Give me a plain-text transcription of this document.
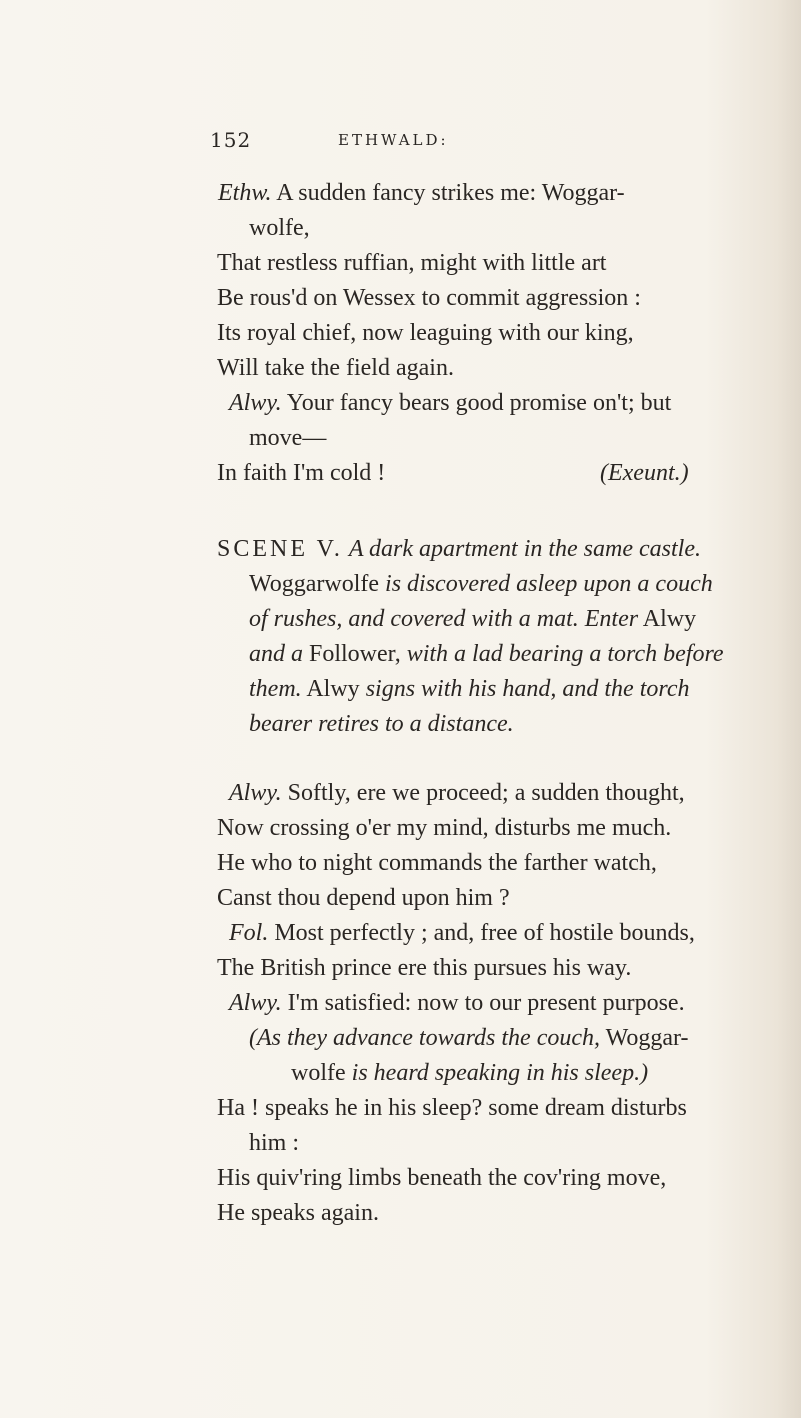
152	ETHWALD:
Ethw. A sudden fancy strikes me: Woggar-
wolfe,
That restless ruffian, might with little art
Be rous'd on Wessex to commit aggression :
Its royal chief, now leaguing with our king,
Will take the field again.
Alwy. Your fancy bears good promise on't; but
move—
In faith I'm cold !	(Exeunt.)
SCENE V. A dark apartment in the same castle.
Woggarwolfe is discovered asleep upon a couch
of rushes, and covered with a mat. Enter Alwy
and a Follower, with a lad bearing a torch before
them. Alwy signs with his hand, and the torch
bearer retires to a distance.
Alwy. Softly, ere we proceed; a sudden thought,
Now crossing o'er my mind, disturbs me much.
He who to night commands the farther watch,
Canst thou depend upon him ?
Fol. Most perfectly ; and, free of hostile bounds,
The British prince ere this pursues his way.
Alwy. I'm satisfied: now to our present purpose.
(As they advance towards the couch, Woggar-
wolfe is heard speaking in his sleep.)
Ha ! speaks he in his sleep? some dream disturbs
him :
His quiv'ring limbs beneath the cov'ring move,
He speaks again.
